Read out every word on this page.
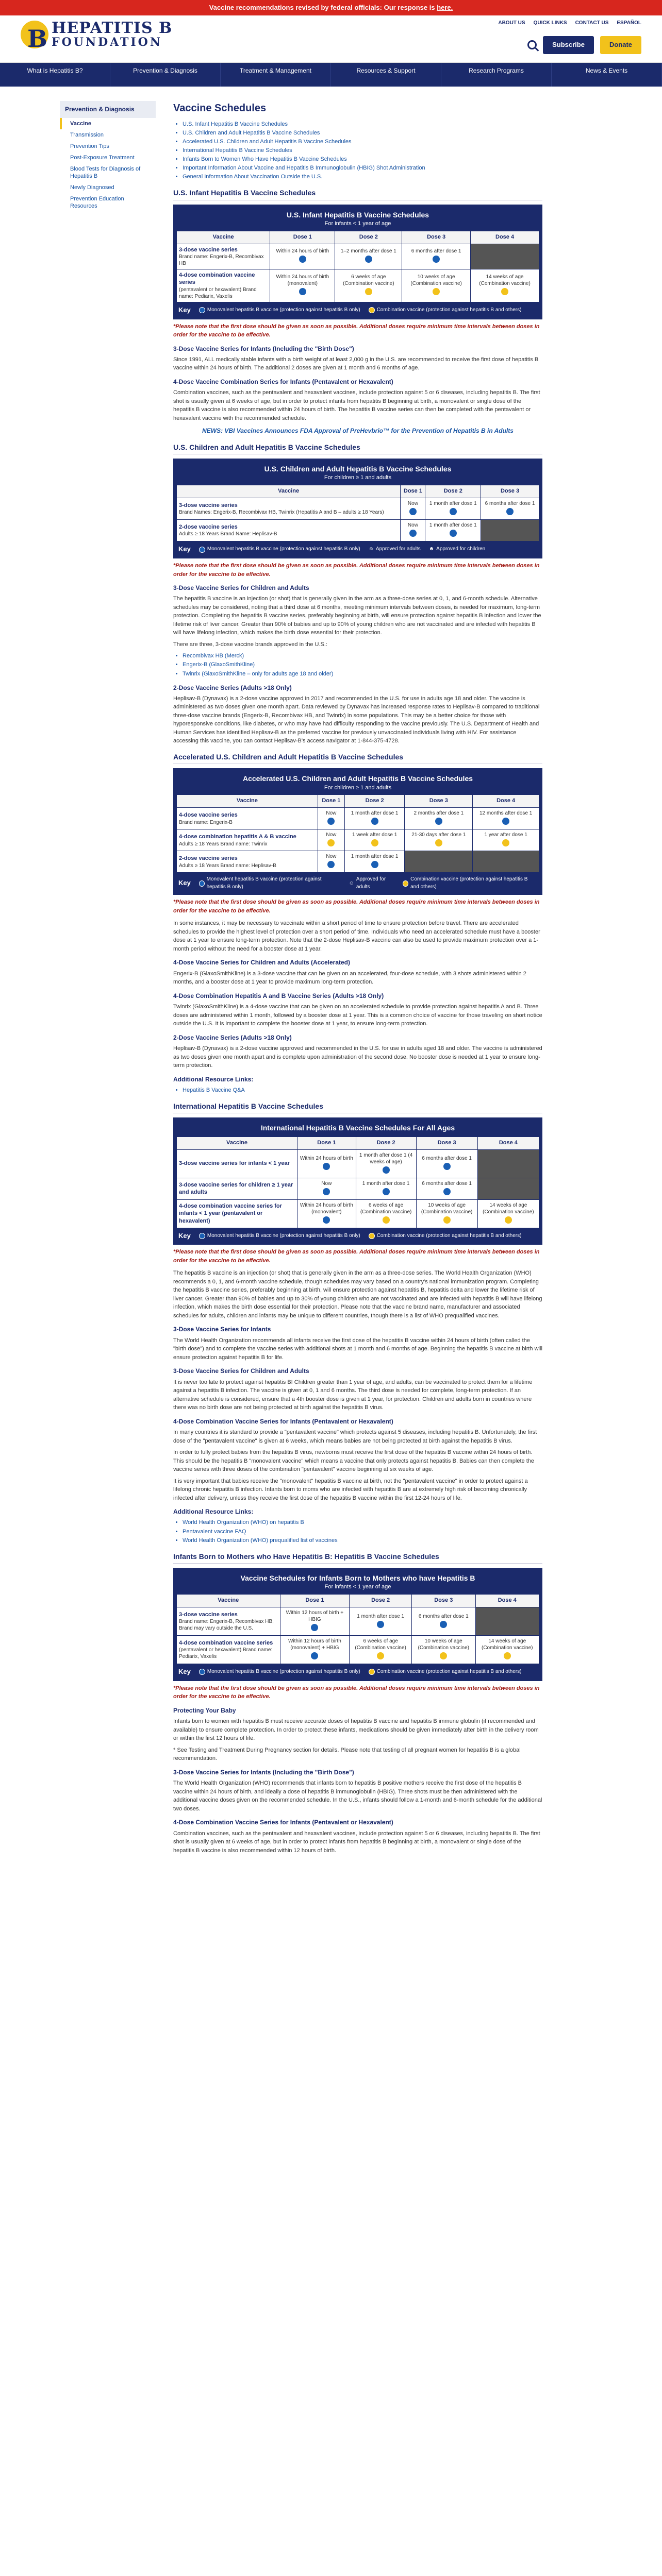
Vaccine recommendations revised by federal officials: Our response is here.
B
HEPATITIS B
FOUNDATION
ABOUT US QUICK LINKS CONTACT US ESPAÑOL
Subscribe	Donate
What is Hepatitis B?	Prevention & Diagnosis	Treatment & Management	Resources & Support	Research Programs	News & Events
Prevention & Diagnosis
Vaccine
Transmission
Prevention Tips
Post-Exposure Treatment
Blood Tests for Diagnosis of Hepatitis B
Newly Diagnosed
Prevention Education Resources
Vaccine Schedules
• U.S. Infant Hepatitis B Vaccine Schedules
• U.S. Children and Adult Hepatitis B Vaccine Schedules
• Accelerated U.S. Children and Adult Hepatitis B Vaccine Schedules
• International Hepatitis B Vaccine Schedules
• Infants Born to Women Who Have Hepatitis B Vaccine Schedules
• Important Information About Vaccine and Hepatitis B Immunoglobulin (HBIG) Shot Administration
• General Information About Vaccination Outside the U.S.
U.S. Infant Hepatitis B Vaccine Schedules
U.S. Infant Hepatitis B Vaccine Schedules
For infants < 1 year of age
Vaccine	Dose 1	Dose 2	Dose 3	Dose 4
3-dose vaccine series
Brand name: Engerix-B, Recombivax HB	Within 24 hours of birth	1–2 months after dose 1	6 months after dose 1

4-dose combination vaccine series
(pentavalent or hexavalent) Brand name: Pediarix, Vaxelis	Within 24 hours of birth (monovalent)	6 weeks of age (Combination vaccine)	10 weeks of age (Combination vaccine)	14 weeks of age (Combination vaccine)

Key	Monovalent hepatitis B vaccine (protection against hepatitis B only)	Combination vaccine (protection against hepatitis B and others)

*Please note that the first dose should be given as soon as possible. Additional doses require minimum time intervals between doses in order for the vaccine to be effective.

3-Dose Vaccine Series for Infants (Including the "Birth Dose")

Since 1991, ALL medically stable infants with a birth weight of at least 2,000 g in the U.S. are recommended to receive the first dose of hepatitis B vaccine within 24 hours of birth. The additional 2 doses are given at 1 month and 6 months of age.

4-Dose Vaccine Combination Series for Infants (Pentavalent or Hexavalent)

Combination vaccines, such as the pentavalent and hexavalent vaccines, include protection against 5 or 6 diseases, including hepatitis B. The first shot is usually given at 6 weeks of age, but in order to protect infants from hepatitis B beginning at birth, a monovalent or single dose of the hepatitis B vaccine is also recommended within 24 hours of birth. The hepatitis B vaccine series can then be completed with the pentavalent or hexavalent vaccine with the recommended schedule.

NEWS: VBI Vaccines Announces FDA Approval of PreHevbrio™ for the Prevention of Hepatitis B in Adults
U.S. Children and Adult Hepatitis B Vaccine Schedules
U.S. Children and Adult Hepatitis B Vaccine Schedules
For children ≥ 1 and adults
Vaccine	Dose 1	Dose 2	Dose 3
3-dose vaccine series
Brand Names: Engerix-B, Recombivax HB, Twinrix (Hepatitis A and B – adults ≥ 18 Years)	Now	1 month after dose 1	6 months after dose 1

2-dose vaccine series
Adults ≥ 18 Years Brand Name: Heplisav-B	Now	1 month after dose 1

Key	Monovalent hepatitis B vaccine (protection against hepatitis B only) ☺ Approved for adults ☻ Approved for children

*Please note that the first dose should be given as soon as possible. Additional doses require minimum time intervals between doses in order for the vaccine to be effective.

3-Dose Vaccine Series for Children and Adults

The hepatitis B vaccine is an injection (or shot) that is generally given in the arm as a three-dose series at 0, 1, and 6-month schedule. Alternative schedules may be considered, noting that a third dose at 6 months, meeting minimum intervals between doses, is needed for maximum, long-term protection. Completing the hepatitis B vaccine series, preferably beginning at birth, will ensure protection against hepatitis B infection and lower the lifetime risk of liver cancer. Greater than 90% of babies and up to 90% of young children who are not vaccinated and are infected with hepatitis B will have lifelong infection, which makes the birth dose essential for their protection.

There are three, 3-dose vaccine brands approved in the U.S.:

• Recombivax HB (Merck)
• Engerix-B (GlaxoSmithKline)
• Twinrix (GlaxoSmithKline – only for adults age 18 and older)
2-Dose Vaccine Series (Adults >18 Only)

Heplisav-B (Dynavax) is a 2-dose vaccine approved in 2017 and recommended in the U.S. for use in adults age 18 and older. The vaccine is administered as two doses given one month apart. Data reviewed by Dynavax has increased response rates to Heplisav-B compared to traditional three-dose vaccine brands (Engerix-B, Recombivax HB, and Twinrix) in some populations. This may be a better choice for those with hyporesponsive conditions, like diabetes, or who may have had difficulty responding to the vaccine previously. The U.S. Department of Health and Human Services has identified Heplisav-B as the preferred vaccine for previously unvaccinated individuals living with HIV. For assistance accessing this vaccine, you can contact Heplisav-B's access navigator at 1-844-375-4728.

Accelerated U.S. Children and Adult Hepatitis B Vaccine Schedules
Accelerated U.S. Children and Adult Hepatitis B Vaccine Schedules
For children ≥ 1 and adults
Vaccine	Dose 1	Dose 2	Dose 3	Dose 4
4-dose vaccine series
Brand name: Engerix-B	Now	1 month after dose 1	2 months after dose 1	12 months after dose 1

4-dose combination hepatitis A & B vaccine
Adults ≥ 18 Years Brand name: Twinrix	Now	1 week after dose 1	21-30 days after dose 1	1 year after dose 1

2-dose vaccine series
Adults ≥ 18 Years Brand name: Heplisav-B	Now	1 month after dose 1

Key	Monovalent hepatitis B vaccine (protection against hepatitis B only)
☺
Approved for adults
Combination vaccine (protection against hepatitis B and others)

*Please note that the first dose should be given as soon as possible. Additional doses require minimum time intervals between doses in order for the vaccine to be effective.

In some instances, it may be necessary to vaccinate within a short period of time to ensure protection before travel. There are accelerated schedules to provide the highest level of protection over a short period of time. Individuals who need an accelerated schedule must have a booster dose at 1 year to ensure long-term protection. Note that the 2-dose Heplisav-B vaccine can also be used to provide maximum protection over a 1-month period without the need for a booster dose at 1 year.

4-Dose Vaccine Series for Children and Adults (Accelerated)

Engerix-B (GlaxoSmithKline) is a 3-dose vaccine that can be given on an accelerated, four-dose schedule, with 3 shots administered within 2 months, and a booster dose at 1 year to provide maximum long-term protection.

4-Dose Combination Hepatitis A and B Vaccine Series (Adults >18 Only)

Twinrix (GlaxoSmithKline) is a 4-dose vaccine that can be given on an accelerated schedule to provide protection against hepatitis A and B. Three doses are administered within 1 month, followed by a booster dose at 1 year. This is a common choice of vaccine for those traveling on short notice outside the U.S. It is important to complete the booster dose at 1 year, to ensure long-term protection.

2-Dose Vaccine Series (Adults >18 Only)

Heplisav-B (Dynavax) is a 2-dose vaccine approved and recommended in the U.S. for use in adults aged 18 and older. The vaccine is administered as two doses given one month apart and is complete upon administration of the second dose. No booster dose is needed at 1 year to ensure long-term protection.

Additional Resource Links:
• Hepatitis B Vaccine Q&A
International Hepatitis B Vaccine Schedules
International Hepatitis B Vaccine Schedules For All Ages
Vaccine	Dose 1	Dose 2	Dose 3	Dose 4
3-dose vaccine series for infants < 1 year	Within 24 hours of birth	1 month after dose 1 (4 weeks of age)	6 months after dose 1

3-dose vaccine series for children ≥ 1 year and adults	Now	1 month after dose 1	6 months after dose 1

4-dose combination vaccine series for infants < 1 year (pentavalent or hexavalent)	Within 24 hours of birth (monovalent)	6 weeks of age (Combination vaccine)	10 weeks of age (Combination vaccine)	14 weeks of age (Combination vaccine)

Key	Monovalent hepatitis B vaccine (protection against hepatitis B only)	Combination vaccine (protection against hepatitis B and others)

*Please note that the first dose should be given as soon as possible. Additional doses require minimum time intervals between doses in order for the vaccine to be effective.

The hepatitis B vaccine is an injection (or shot) that is generally given in the arm as a three-dose series. The World Health Organization (WHO) recommends a 0, 1, and 6-month vaccine schedule, though schedules may vary based on a country's national immunization program. Completing the hepatitis B vaccine series, preferably beginning at birth, will ensure protection against hepatitis B, hepatitis delta and lower the lifetime risk of liver cancer. Greater than 90% of babies and up to 30% of young children who are not vaccinated and are infected with hepatitis B will have lifelong infection, which makes the birth dose essential for their protection. Please note that the vaccine brand name, manufacturer and associated schedules for adults, children and infants may be unique to different countries, though there is a list of WHO prequalified vaccines.

3-Dose Vaccine Series for Infants

The World Health Organization recommends all infants receive the first dose of the hepatitis B vaccine within 24 hours of birth (often called the "birth dose") and to complete the vaccine series with additional shots at 1 month and 6 months of age. Beginning the hepatitis B vaccine at birth will ensure protection against hepatitis B for life.

3-Dose Vaccine Series for Children and Adults

It is never too late to protect against hepatitis B! Children greater than 1 year of age, and adults, can be vaccinated to protect them for a lifetime against a hepatitis B infection. The vaccine is given at 0, 1 and 6 months. The third dose is needed for complete, long-term protection. If an alternative schedule is considered, ensure that a 4th booster dose is given at 1 year, for protection. Children and adults born in countries where there was no birth dose are not being protected at birth against the hepatitis B virus.

4-Dose Combination Vaccine Series for Infants (Pentavalent or Hexavalent)

In many countries it is standard to provide a "pentavalent vaccine" which protects against 5 diseases, including hepatitis B. Unfortunately, the first dose of the "pentavalent vaccine" is given at 6 weeks, which means babies are not being protected at birth against the hepatitis B virus.

In order to fully protect babies from the hepatitis B virus, newborns must receive the first dose of the hepatitis B vaccine within 24 hours of birth. This should be the hepatitis B "monovalent vaccine" which means a vaccine that only protects against hepatitis B. Babies can then complete the vaccine series with three doses of the combination "pentavalent" vaccine beginning at six weeks of age.

It is very important that babies receive the "monovalent" hepatitis B vaccine at birth, not the "pentavalent vaccine" in order to protect against a lifelong chronic hepatitis B infection. Infants born to moms who are infected with hepatitis B are at extremely high risk of becoming chronically infected after delivery, unless they receive the first dose of the hepatitis B vaccine within the first 12-24 hours of life.

Additional Resource Links:
• World Health Organization (WHO) on hepatitis B
• Pentavalent vaccine FAQ
• World Health Organization (WHO) prequalified list of vaccines
Infants Born to Mothers who Have Hepatitis B: Hepatitis B Vaccine Schedules
Vaccine Schedules for Infants Born to Mothers who have Hepatitis B
For infants < 1 year of age
Vaccine	Dose 1	Dose 2	Dose 3	Dose 4
3-dose vaccine series
Brand name: Engerix-B, Recombivax HB, Brand may vary outside the U.S.	Within 12 hours of birth + HBIG	1 month after dose 1	6 months after dose 1

4-dose combination vaccine series
(pentavalent or hexavalent) Brand name: Pediarix, Vaxelis	Within 12 hours of birth (monovalent) + HBIG	6 weeks of age (Combination vaccine)	10 weeks of age (Combination vaccine)	14 weeks of age (Combination vaccine)

Key	Monovalent hepatitis B vaccine (protection against hepatitis B only)	Combination vaccine (protection against hepatitis B and others)

*Please note that the first dose should be given as soon as possible. Additional doses require minimum time intervals between doses in order for the vaccine to be effective.

Protecting Your Baby

Infants born to women with hepatitis B must receive accurate doses of hepatitis B vaccine and hepatitis B immune globulin (if recommended and available) to ensure complete protection. In order to protect these infants, medications should be given immediately after birth in the delivery room or within the first 12 hours of life.

* See Testing and Treatment During Pregnancy section for details. Please note that testing of all pregnant women for hepatitis B is a global recommendation.

3-Dose Vaccine Series for Infants (Including the "Birth Dose")

The World Health Organization (WHO) recommends that infants born to hepatitis B positive mothers receive the first dose of the hepatitis B vaccine within 24 hours of birth, and ideally a dose of hepatitis B immunoglobulin (HBIG). Three shots must be then administered with the additional vaccine doses given on the recommended schedule. In the U.S., infants should follow a 1-month and 6-month schedule for the additional two doses.

4-Dose Combination Vaccine Series for Infants (Pentavalent or Hexavalent)

Combination vaccines, such as the pentavalent and hexavalent vaccines, include protection against 5 or 6 diseases, including hepatitis B. The first shot is usually given at 6 weeks of age, but in order to protect infants from hepatitis B beginning at birth, a monovalent or single dose of the hepatitis B vaccine is also recommended within 12 hours of birth.
